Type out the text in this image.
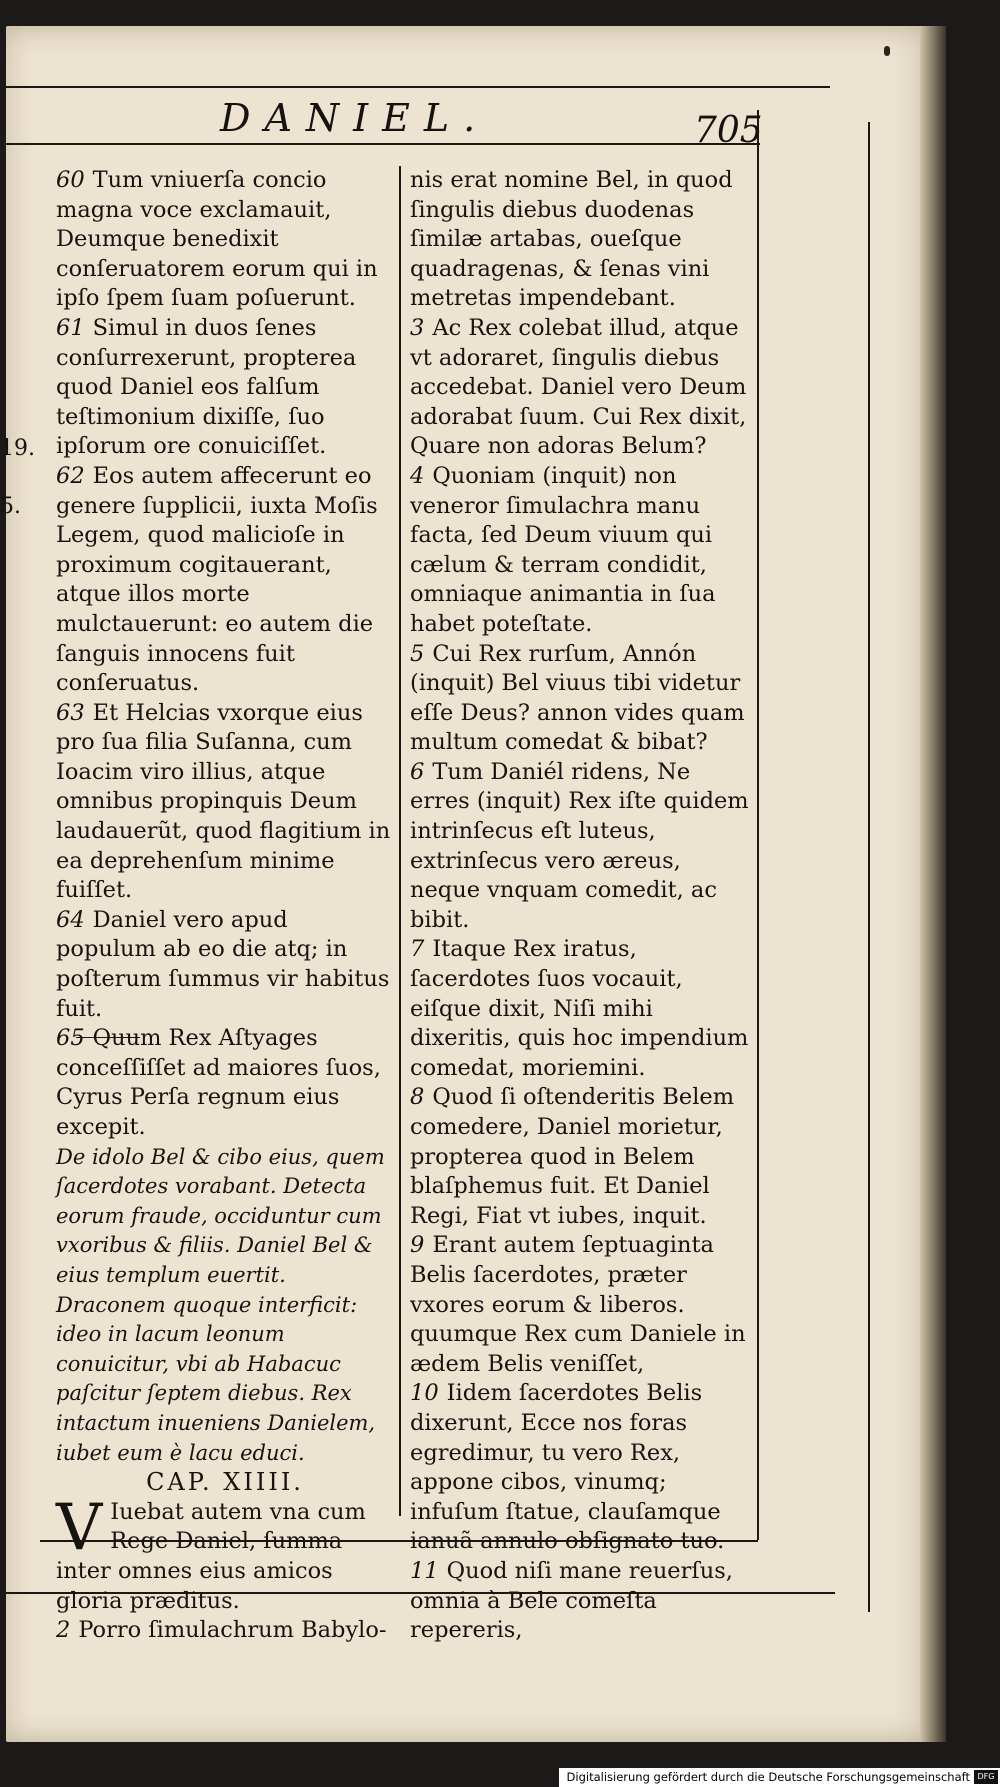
DANIEL.	705
19.
5.

60 Tum vniuerſa concio magna voce exclamauit, Deumque benedixit conſeruatorem eorum qui in ipſo ſpem ſuam poſuerunt.

61 Simul in duos ſenes conſurrexerunt, propterea quod Daniel eos falſum teſtimonium dixiſſe, ſuo ipſorum ore conuiciſſet.

62 Eos autem affecerunt eo genere ſupplicii, iuxta Moſis Legem, quod malicioſe in proximum cogitauerant, atque illos morte mulctauerunt: eo autem die ſanguis innocens fuit conſeruatus.

63 Et Helcias vxorque eius pro ſua filia Suſanna, cum Ioacim viro illius, atque omnibus propinquis Deum laudauerũt, quod flagitium in ea deprehenſum minime fuiſſet.

64 Daniel vero apud populum ab eo die atq; in poſterum ſummus vir habitus fuit.

65 Quum Rex Aſtyages conceſſiſſet ad maiores ſuos, Cyrus Perſa regnum eius excepit.

De idolo Bel & cibo eius, quem ſacerdotes vorabant. Detecta eorum fraude, occiduntur cum vxoribus & filiis. Daniel Bel & eius templum euertit. Draconem quoque interficit: ideo in lacum leonum conuicitur, vbi ab Habacuc paſcitur ſeptem diebus. Rex intactum inueniens Danielem, iubet eum è lacu educi.

CAP. XIIII.

V Iuebat autem vna cum Rege Daniel, ſumma inter omnes eius amicos gloria præditus.

2 Porro ſimulachrum Babylo-

nis erat nomine Bel, in quod ſingulis diebus duodenas ſimilæ artabas, oueſque quadragenas, & ſenas vini metretas impendebant.

3 Ac Rex colebat illud, atque vt adoraret, ſingulis diebus accedebat. Daniel vero Deum adorabat ſuum. Cui Rex dixit, Quare non adoras Belum?

4 Quoniam (inquit) non veneror ſimulachra manu facta, ſed Deum viuum qui cælum & terram condidit, omniaque animantia in ſua habet poteſtate.

5 Cui Rex rurſum, Annón (inquit) Bel viuus tibi videtur eſſe Deus? annon vides quam multum comedat & bibat?

6 Tum Daniél ridens, Ne erres (inquit) Rex iſte quidem intrinſecus eſt luteus, extrinſecus vero æreus, neque vnquam comedit, ac bibit.

7 Itaque Rex iratus, ſacerdotes ſuos vocauit, eiſque dixit, Niſi mihi dixeritis, quis hoc impendium comedat, moriemini.

8 Quod ſi oſtenderitis Belem comedere, Daniel morietur, propterea quod in Belem blaſphemus fuit. Et Daniel Regi, Fiat vt iubes, inquit.

9 Erant autem ſeptuaginta Belis ſacerdotes, præter vxores eorum & liberos. quumque Rex cum Daniele in ædem Belis veniſſet,

10 Iidem ſacerdotes Belis dixerunt, Ecce nos foras egredimur, tu vero Rex, appone cibos, vinumq; infuſum ſtatue, clauſamque ianuã annulo obſignato tuo.

11 Quod niſi mane reuerſus, omnia à Bele comeſta repereris,

Digitalisierung gefördert durch die Deutsche Forschungsgemeinschaft DFG
